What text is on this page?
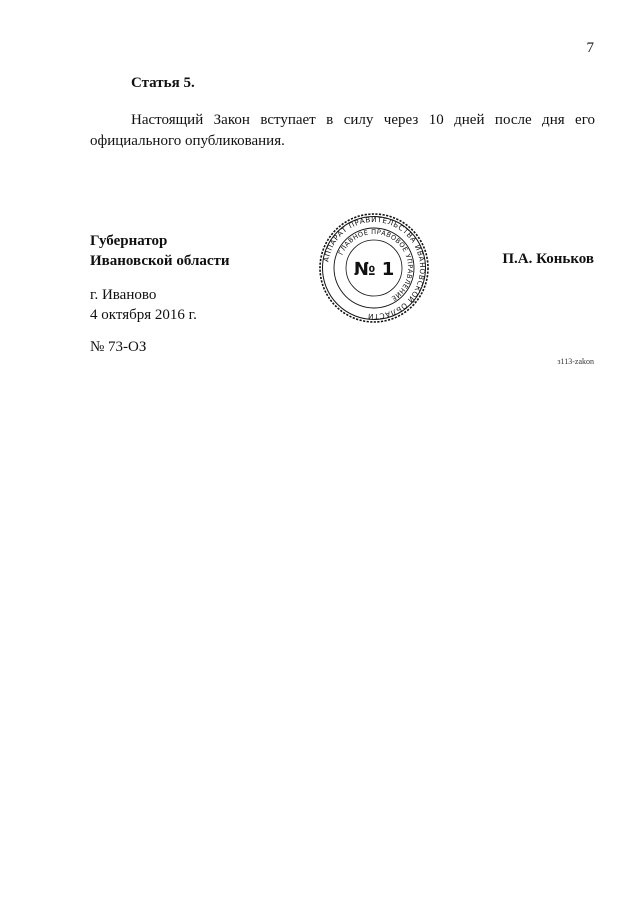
7
Статья 5.
Настоящий Закон вступает в силу через 10 дней после дня его официального опубликования.
Губернатор
Ивановской области	П.А. Коньков
г. Иваново
4 октября 2016 г.
№ 73-ОЗ
з113-zakon
АППАРАТ ПРАВИТЕЛЬСТВА ИВАНОВСКОЙ ОБЛАСТИ
ГЛАВНОЕ ПРАВОВОЕ УПРАВЛЕНИЕ
№ 1
